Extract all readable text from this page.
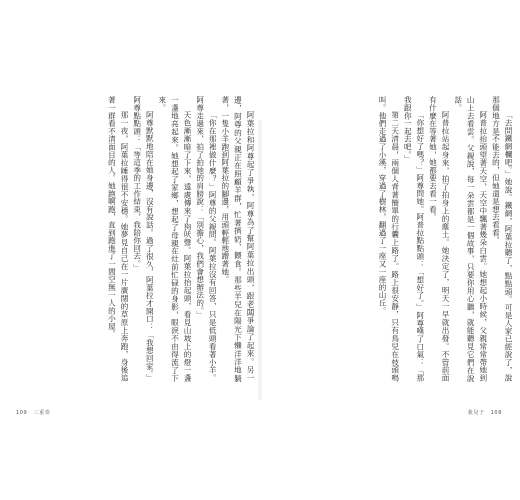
阿葉拉和阿尊起了爭執，阿尊為了幫阿葉拉出頭，跟老闆爭論了起來。另一邊，阿尊的父親正在照顧羊群，忙著擠奶、餵食。那些羊兒在陽光下懶洋洋地躺著，一隻小羊跑到阿葉拉的腳邊，用頭輕輕地蹭著她。

「你在那裡做什麼？」阿尊的父親問。阿葉拉沒有回答，只是低頭看著小羊。阿尊走過來，拍了拍她的肩膀說：「別擔心，我們會想辦法的。」

天色漸漸暗了下來，遠處傳來了狗吠聲。阿葉拉抬起頭，看見山坡上的燈一盞一盞地亮起來。她想起了家鄉，想起了母親在灶前忙碌的身影，眼淚不由得流了下來。

阿尊默默地陪在她身邊，沒有說話。過了很久，阿葉拉才開口：「我想回家。」阿尊點點頭：「等這季的工作結束，我陪你回去。」

那一夜，阿葉拉睡得很不安穩。她夢見自己在一片廣闊的草原上奔跑，身後追著一群看不清面目的人。她跑啊跑，直到跑進了一間空無一人的小屋。

109 三重奏

「去問鐵網欄吧。」她說。鐵網，阿葉拉聽了，點點頭。可是人家已經說了，說那個地方是不能去的，但她還是想去看看。

阿普拉抬頭望著天空，天空中飄著幾朵白雲。她想起小時候，父親常常帶她到山上去看雲。父親說，每一朵雲都是一個故事，只要你用心聽，就能聽見它們在說話。

阿普拉站起身來，拍了拍身上的塵土。她決定了，明天一早就出發。不管前面有什麼在等著她，她都要去看一看。

「你想好了嗎？」阿尊問她。阿普拉點點頭：「想好了。」阿尊嘆了口氣：「那我跟你一起去吧。」

第二天清晨，兩個人背著簡單的行囊上路了。路上很安靜，只有鳥兒在枝頭鳴叫。他們走過了小溪，穿過了樹林，翻過了一座又一座的山丘。

我兒子 108
